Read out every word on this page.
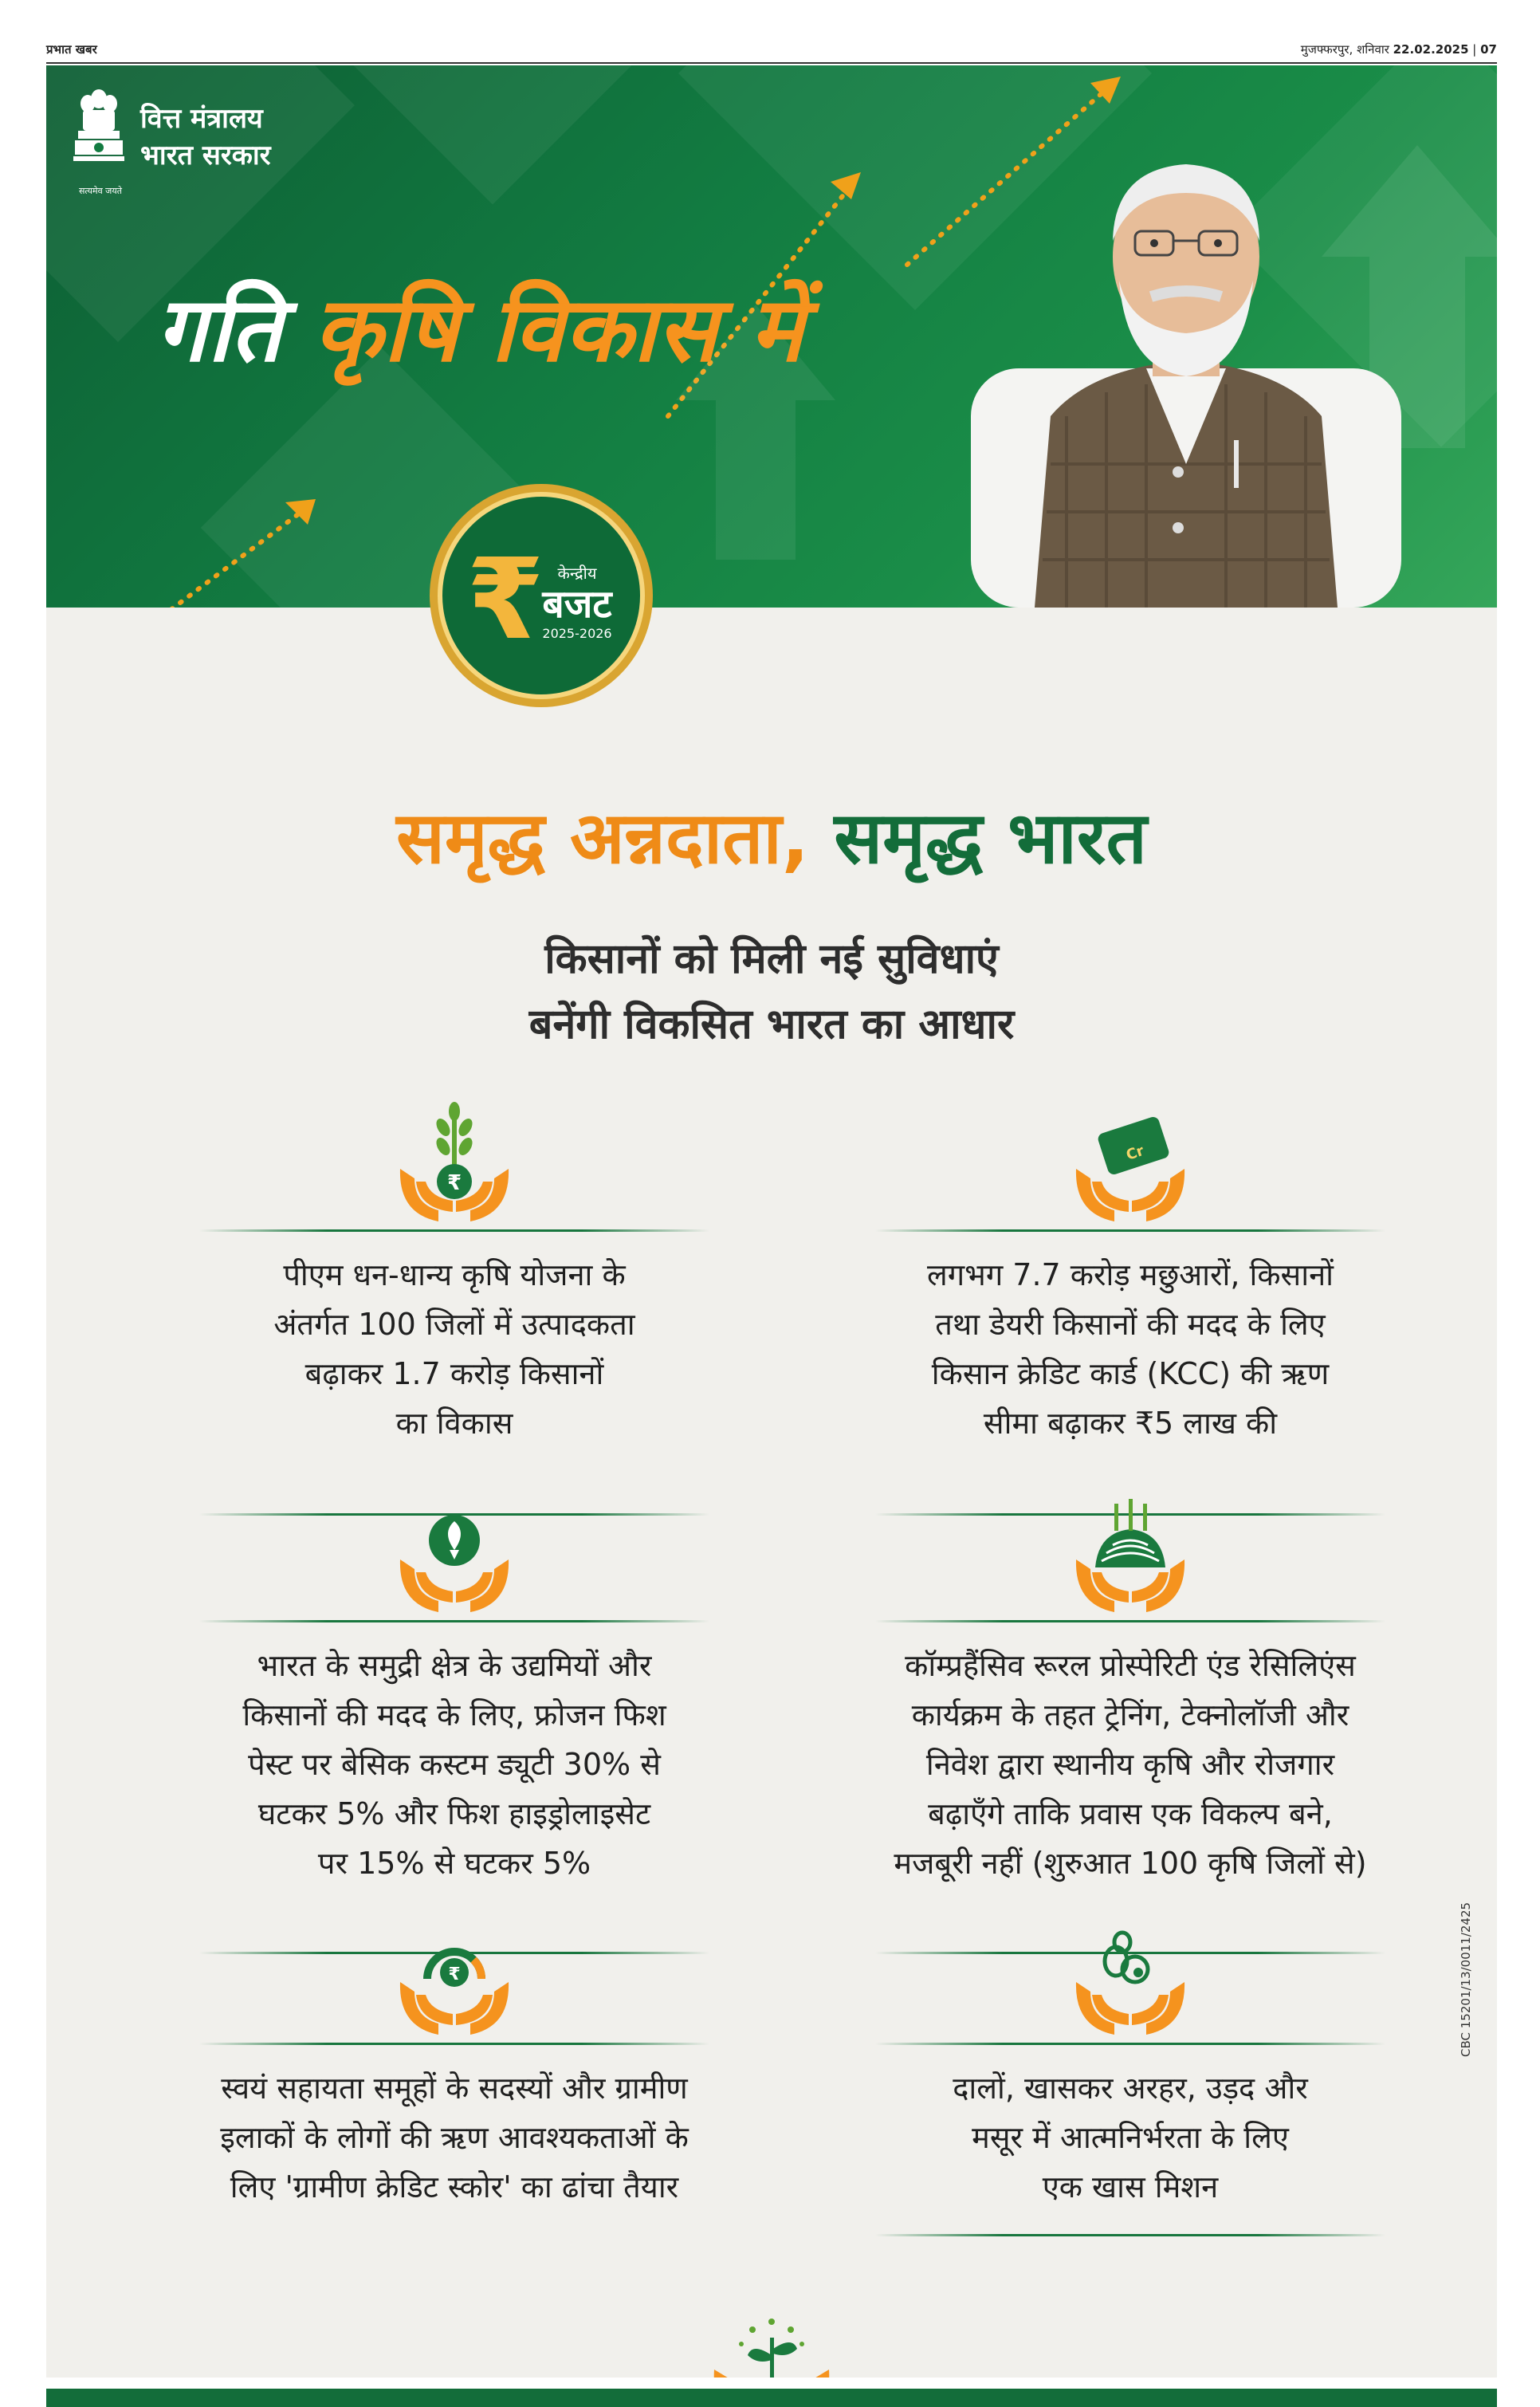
प्रभात खबर	मुजफ्फरपुर, शनिवार 22.02.2025 | 07
सत्यमेव जयते
वित्त मंत्रालय
भारत सरकार
गति कृषि विकास में
₹ केन्द्रीय
बजट
2025-2026
समृद्ध अन्नदाता, समृद्ध भारत
किसानों को मिली नई सुविधाएं
बनेंगी विकसित भारत का आधार
₹
पीएम धन-धान्य कृषि योजना के
अंतर्गत 100 जिलों में उत्पादकता
बढ़ाकर 1.7 करोड़ किसानों
का विकास
Cr
लगभग 7.7 करोड़ मछुआरों, किसानों
तथा डेयरी किसानों की मदद के लिए
किसान क्रेडिट कार्ड (KCC) की ऋण
सीमा बढ़ाकर ₹5 लाख की
भारत के समुद्री क्षेत्र के उद्यमियों और
किसानों की मदद के लिए, फ्रोजन फिश
पेस्ट पर बेसिक कस्टम ड्यूटी 30% से
घटकर 5% और फिश हाइड्रोलाइसेट
पर 15% से घटकर 5%
कॉम्प्रहैंसिव रूरल प्रोस्पेरिटी एंड रेसिलिएंस
कार्यक्रम के तहत ट्रेनिंग, टेक्नोलॉजी और
निवेश द्वारा स्थानीय कृषि और रोजगार
बढ़ाएँगे ताकि प्रवास एक विकल्प बने,
मजबूरी नहीं (शुरुआत 100 कृषि जिलों से)
₹
स्वयं सहायता समूहों के सदस्यों और ग्रामीण
इलाकों के लोगों की ऋण आवश्यकताओं के
लिए 'ग्रामीण क्रेडिट स्कोर' का ढांचा तैयार
दालों, खासकर अरहर, उड़द और
मसूर में आत्मनिर्भरता के लिए
एक खास मिशन
CBC 15201/13/0011/2425
